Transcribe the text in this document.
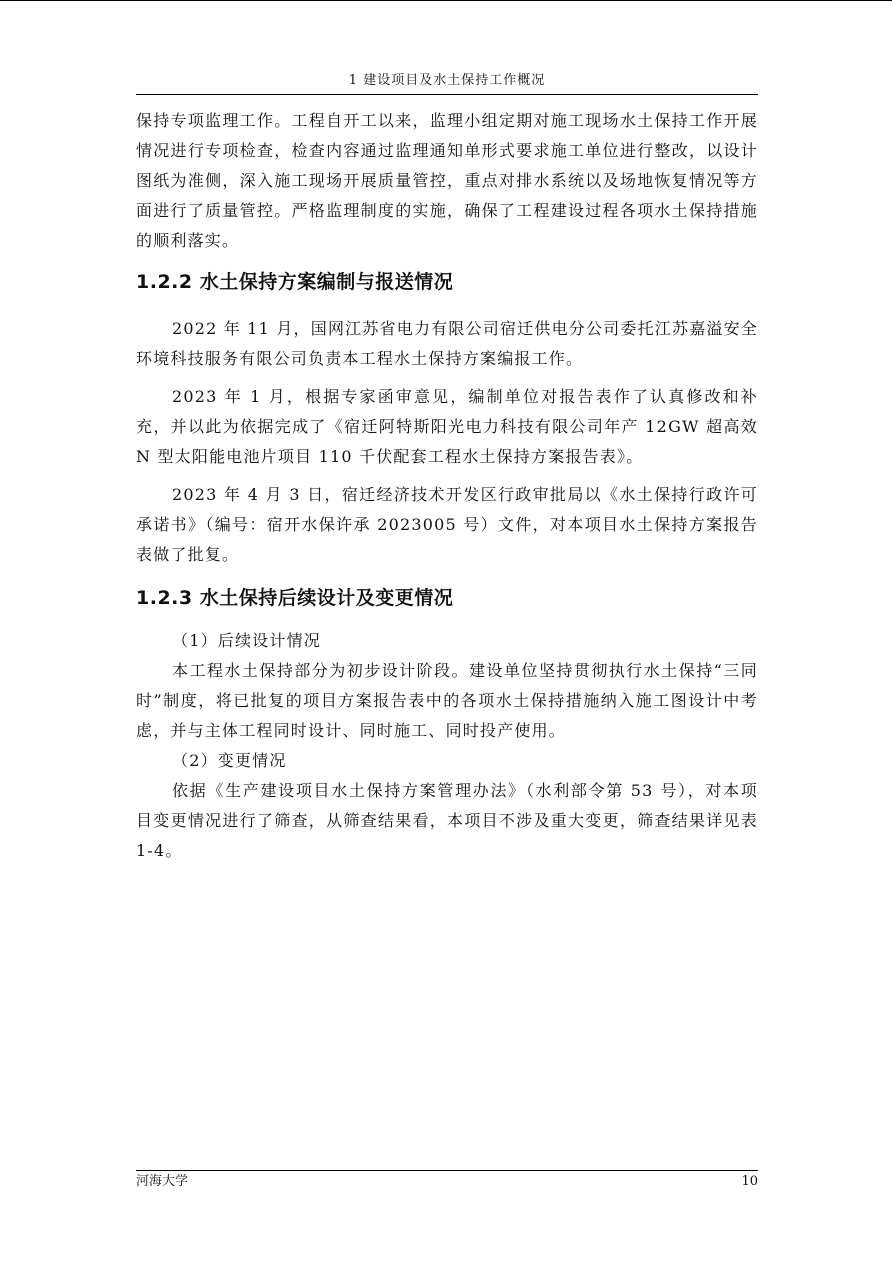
1 建设项目及水土保持工作概况

保持专项监理工作。工程自开工以来，监理小组定期对施工现场水土保持工作开展情况进行专项检查，检查内容通过监理通知单形式要求施工单位进行整改，以设计图纸为准侧，深入施工现场开展质量管控，重点对排水系统以及场地恢复情况等方面进行了质量管控。严格监理制度的实施，确保了工程建设过程各项水土保持措施的顺利落实。

1.2.2 水土保持方案编制与报送情况

2022 年 11 月，国网江苏省电力有限公司宿迁供电分公司委托江苏嘉溢安全环境科技服务有限公司负责本工程水土保持方案编报工作。

2023 年 1 月，根据专家函审意见，编制单位对报告表作了认真修改和补充，并以此为依据完成了《宿迁阿特斯阳光电力科技有限公司年产 12GW 超高效 N 型太阳能电池片项目 110 千伏配套工程水土保持方案报告表》。

2023 年 4 月 3 日，宿迁经济技术开发区行政审批局以《水土保持行政许可承诺书》（编号：宿开水保许承 2023005 号）文件，对本项目水土保持方案报告表做了批复。

1.2.3 水土保持后续设计及变更情况

（1）后续设计情况

本工程水土保持部分为初步设计阶段。建设单位坚持贯彻执行水土保持“三同时”制度，将已批复的项目方案报告表中的各项水土保持措施纳入施工图设计中考虑，并与主体工程同时设计、同时施工、同时投产使用。

（2）变更情况

依据《生产建设项目水土保持方案管理办法》（水利部令第 53 号），对本项目变更情况进行了筛查，从筛查结果看，本项目不涉及重大变更，筛查结果详见表 1-4。

河海大学	10
